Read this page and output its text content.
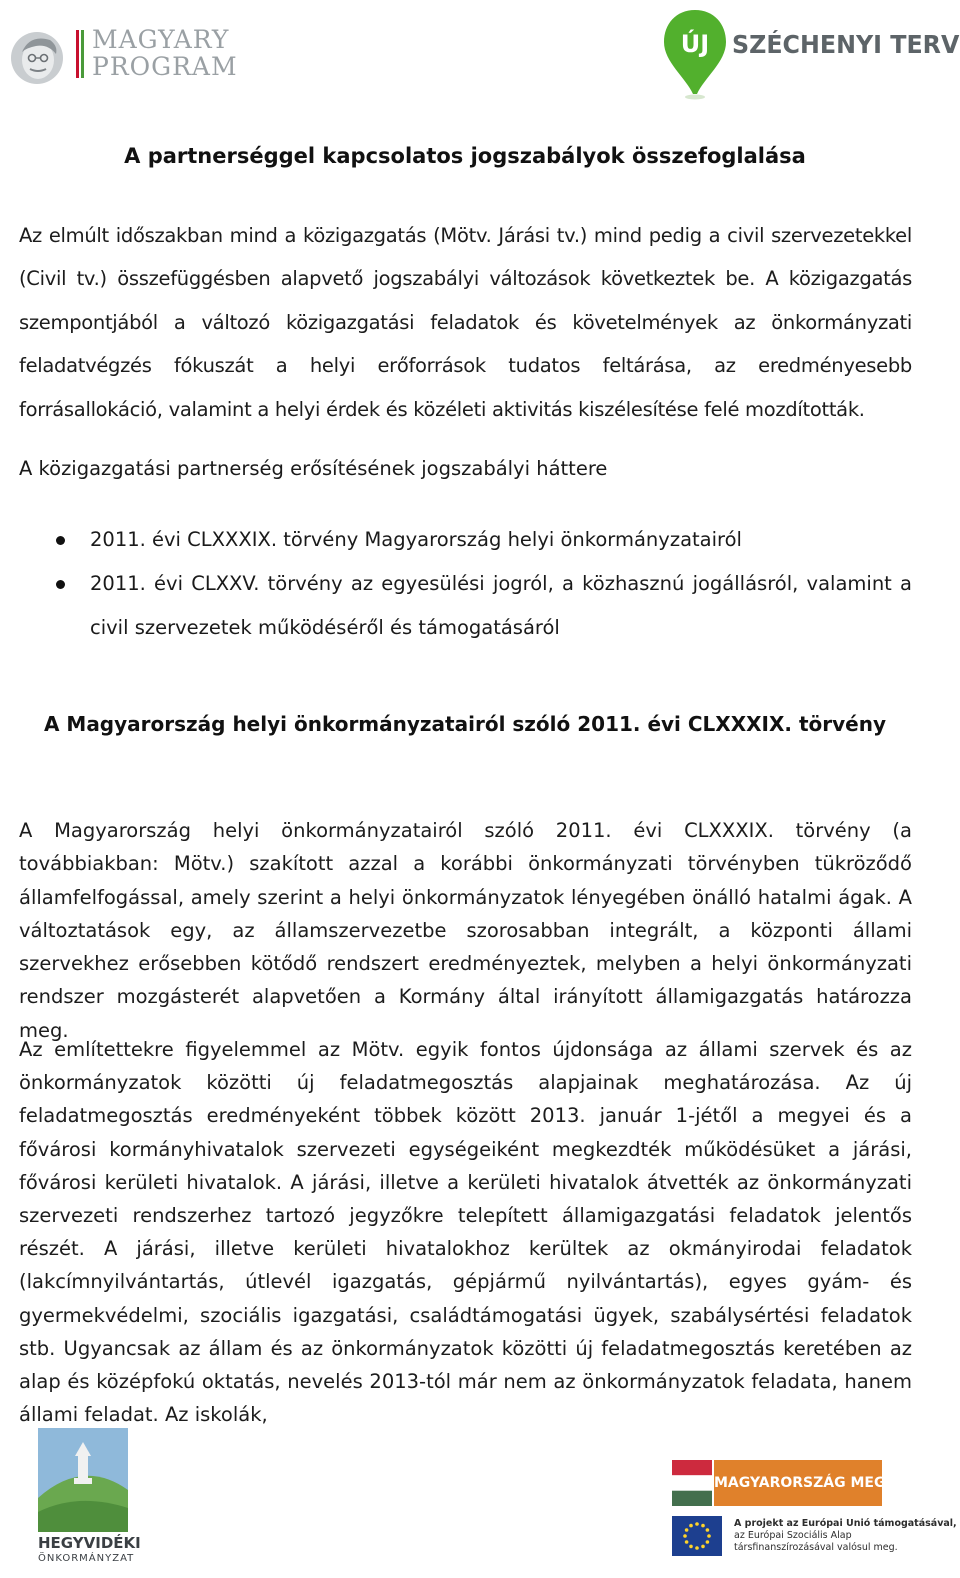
MAGYARY
PROGRAM
ÚJ SZÉCHENYI TERV
A partnerséggel kapcsolatos jogszabályok összefoglalása
Az elmúlt időszakban mind a közigazgatás (Mötv. Járási tv.) mind pedig a civil szervezetekkel (Civil tv.) összefüggésben alapvető jogszabályi változások következtek be. A közigazgatás szempontjából a változó közigazgatási feladatok és követelmények az önkormányzati feladatvégzés fókuszát a helyi erőforrások tudatos feltárása, az eredményesebb forrásallokáció, valamint a helyi érdek és közéleti aktivitás kiszélesítése felé mozdították.
A közigazgatási partnerség erősítésének jogszabályi háttere
2011. évi CLXXXIX. törvény Magyarország helyi önkormányzatairól
2011. évi CLXXV. törvény az egyesülési jogról, a közhasznú jogállásról, valamint a civil szervezetek működéséről és támogatásáról
A Magyarország helyi önkormányzatairól szóló 2011. évi CLXXXIX. törvény
A Magyarország helyi önkormányzatairól szóló 2011. évi CLXXXIX. törvény (a továbbiakban: Mötv.) szakított azzal a korábbi önkormányzati törvényben tükröződő államfelfogással, amely szerint a helyi önkormányzatok lényegében önálló hatalmi ágak. A változtatások egy, az államszervezetbe szorosabban integrált, a központi állami szervekhez erősebben kötődő rendszert eredményeztek, melyben a helyi önkormányzati rendszer mozgásterét alapvetően a Kormány által irányított államigazgatás határozza meg.
Az említettekre figyelemmel az Mötv. egyik fontos újdonsága az állami szervek és az önkormányzatok közötti új feladatmegosztás alapjainak meghatározása. Az új feladatmegosztás eredményeként többek között 2013. január 1-jétől a megyei és a fővárosi kormányhivatalok szervezeti egységeiként megkezdték működésüket a járási, fővárosi kerületi hivatalok. A járási, illetve a kerületi hivatalok átvették az önkormányzati szervezeti rendszerhez tartozó jegyzőkre telepített államigazgatási feladatok jelentős részét. A járási, illetve kerületi hivatalokhoz kerültek az okmányirodai feladatok (lakcímnyilvántartás, útlevél igazgatás, gépjármű nyilvántartás), egyes gyám- és gyermekvédelmi, szociális igazgatási, családtámogatási ügyek, szabálysértési feladatok stb. Ugyancsak az állam és az önkormányzatok közötti új feladatmegosztás keretében az alap és középfokú oktatás, nevelés 2013-tól már nem az önkormányzatok feladata, hanem állami feladat. Az iskolák,
HEGYVIDÉKI
ÖNKORMÁNYZAT
MAGYARORSZÁG MEGÚJUL
A projekt az Európai Unió támogatásával,
az Európai Szociális Alap
társfinanszírozásával valósul meg.
